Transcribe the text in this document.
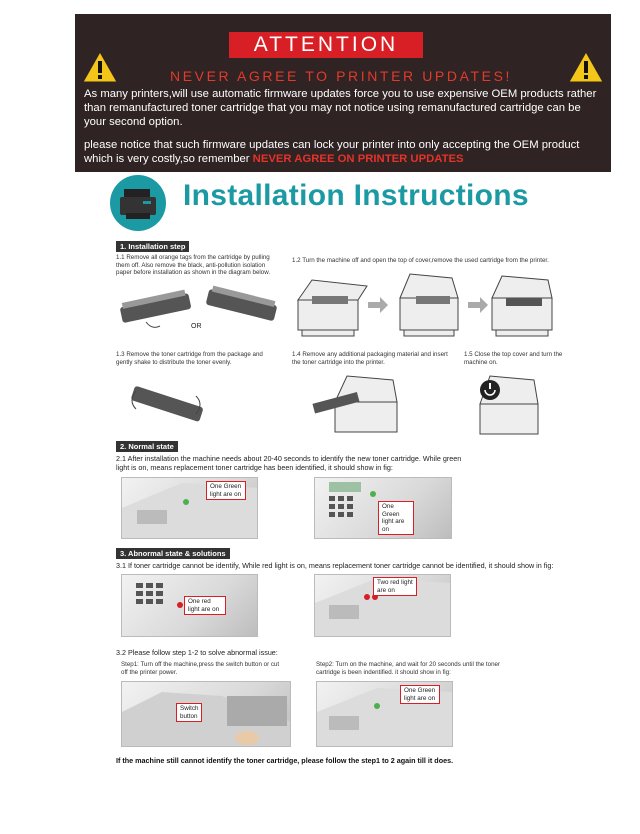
ATTENTION
NEVER AGREE TO PRINTER UPDATES!
As many printers,will use automatic firmware updates force you to use expensive OEM products rather than remanufactured toner cartridge that you may not notice using remanufactured cartridge can be your second option.
please notice that such firmware updates can lock your printer into only accepting the OEM product which is very costly,so remember NEVER AGREE ON PRINTER UPDATES
Installation Instructions
1. Installation step
1.1 Remove all orange tags from the cartridge by pulling them off. Also remove the black, anti-pollution isolation paper before installation as shown in the diagram below.
1.2 Turn the machine off and open the top of cover,remove the used cartridge from the printer.
OR
1.3 Remove the toner cartridge from the package and gently shake to distribute the toner evenly.
1.4 Remove any additional packaging material and insert the toner cartridge into the printer.
1.5 Close the top cover and turn the machine on.
2. Normal state
2.1 After installation the machine needs about 20-40 seconds to identify the new toner cartridge. While green light is on, means replacement toner cartridge has been identified, it should show in fig:
One Green light are on
One Green light are on
3. Abnormal state & solutions
3.1 If toner cartridge cannot be identify, While red light is on, means replacement toner cartridge cannot be identified, it should show in fig:
One red light are on
Two red light are on
3.2 Please follow step 1-2 to solve abnormal issue:
Step1: Turn off the machine,press the switch button or cut off the printer power.
Step2: Turn on the machine, and wait for 20 seconds until the toner cartridge is been indentified. it should show in fig:
Switch button
One Green light are on
If the machine still cannot identify the toner cartridge, please follow the step1 to 2 again till it does.
